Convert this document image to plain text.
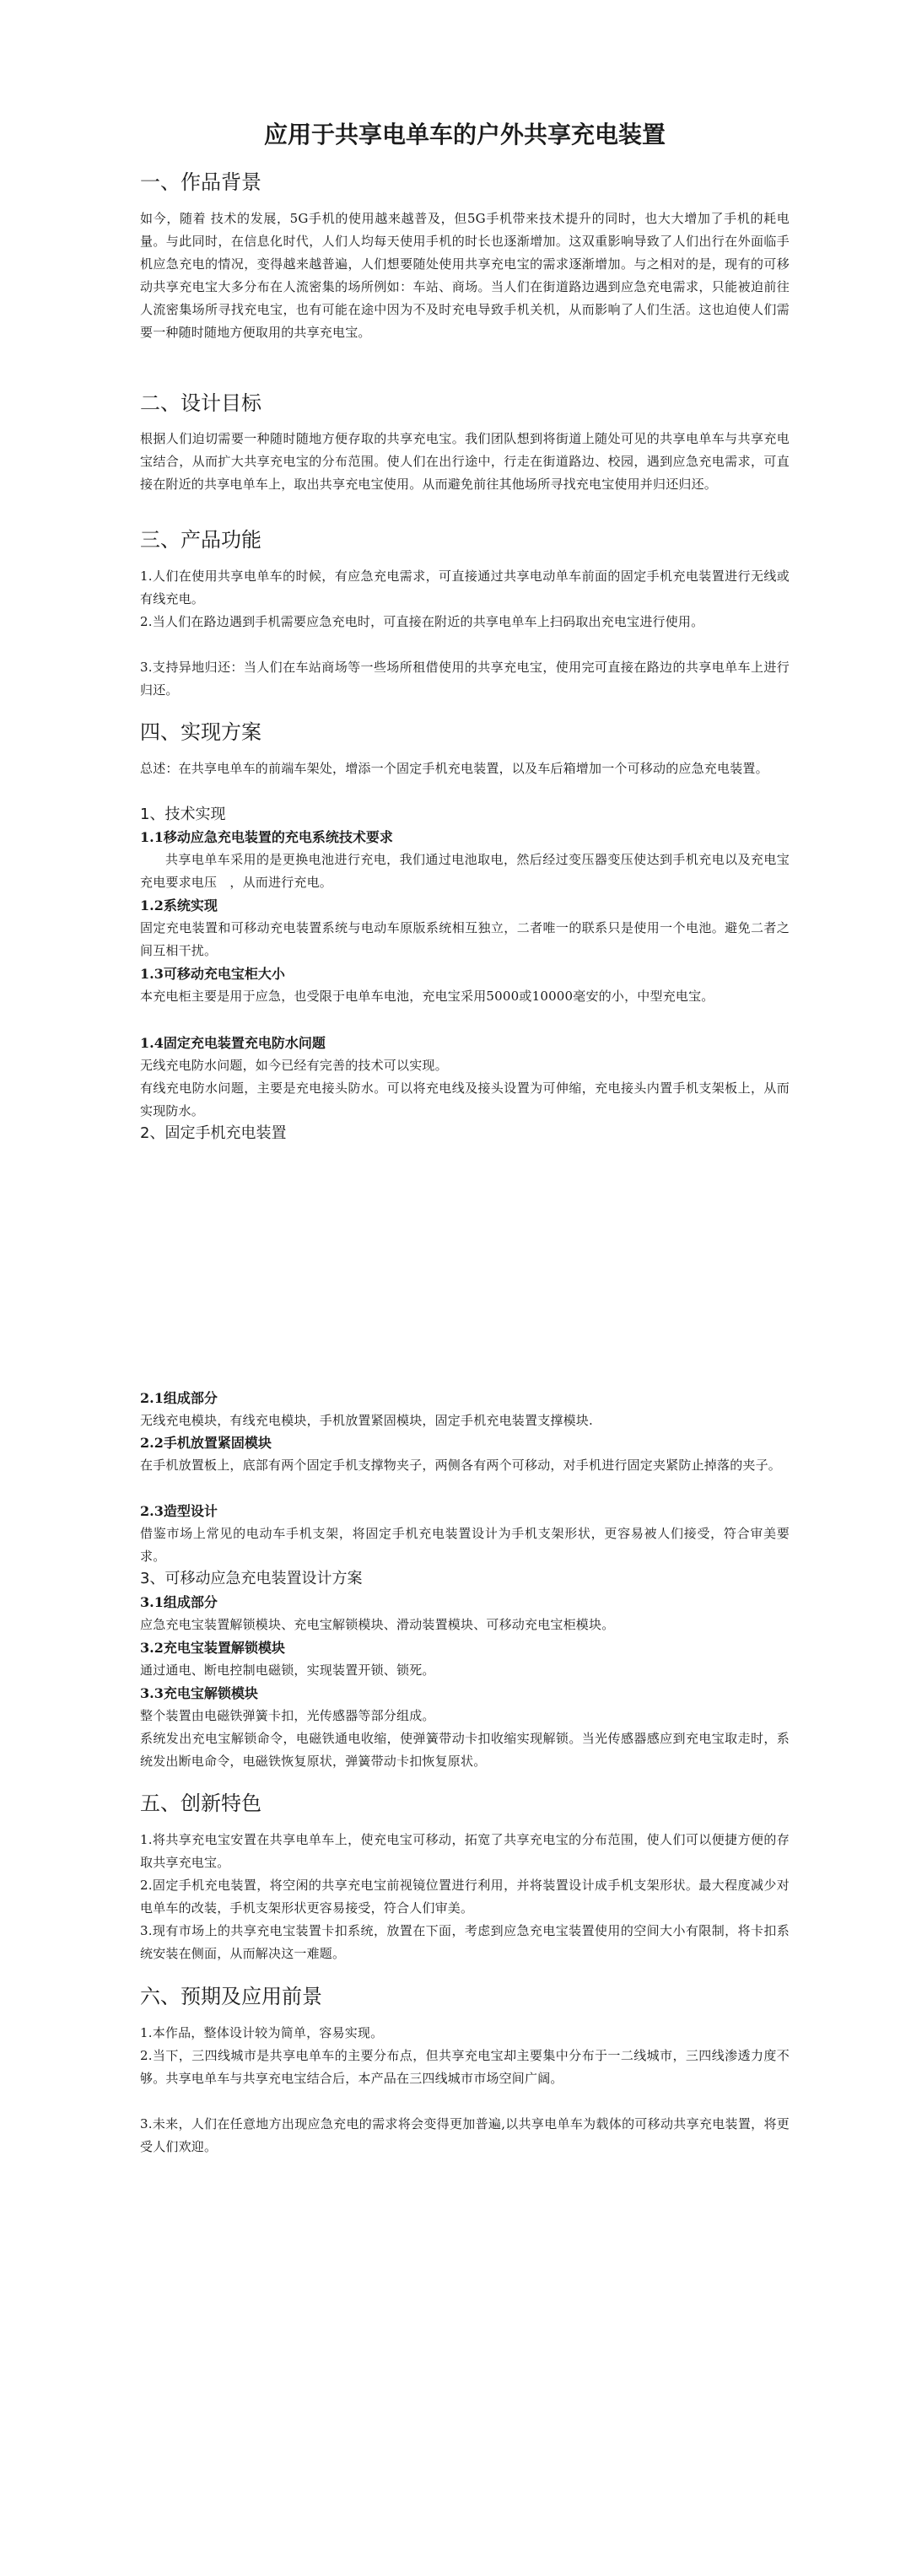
应用于共享电单车的户外共享充电装置
一、作品背景

如今，随着 技术的发展，5G手机的使用越来越普及，但5G手机带来技术提升的同时，也大大增加了手机的耗电量。与此同时，在信息化时代，人们人均每天使用手机的时长也逐渐增加。这双重影响导致了人们出行在外面临手机应急充电的情况，变得越来越普遍，人们想要随处使用共享充电宝的需求逐渐增加。与之相对的是，现有的可移动共享充电宝大多分布在人流密集的场所例如：车站、商场。当人们在街道路边遇到应急充电需求，只能被迫前往人流密集场所寻找充电宝，也有可能在途中因为不及时充电导致手机关机，从而影响了人们生活。这也迫使人们需要一种随时随地方便取用的共享充电宝。

二、设计目标

根据人们迫切需要一种随时随地方便存取的共享充电宝。我们团队想到将街道上随处可见的共享电单车与共享充电宝结合，从而扩大共享充电宝的分布范围。使人们在出行途中，行走在街道路边、校园，遇到应急充电需求，可直接在附近的共享电单车上，取出共享充电宝使用。从而避免前往其他场所寻找充电宝使用并归还归还。

三、产品功能

1.人们在使用共享电单车的时候，有应急充电需求，可直接通过共享电动单车前面的固定手机充电装置进行无线或有线充电。

2.当人们在路边遇到手机需要应急充电时，可直接在附近的共享电单车上扫码取出充电宝进行使用。

3.支持异地归还：当人们在车站商场等一些场所租借使用的共享充电宝，使用完可直接在路边的共享电单车上进行归还。

四、实现方案

总述：在共享电单车的前端车架处，增添一个固定手机充电装置，以及车后箱增加一个可移动的应急充电装置。

1、技术实现
1.1移动应急充电装置的充电系统技术要求

共享电单车采用的是更换电池进行充电，我们通过电池取电，然后经过变压器变压使达到手机充电以及充电宝充电要求电压　，从而进行充电。

1.2系统实现

固定充电装置和可移动充电装置系统与电动车原版系统相互独立，二者唯一的联系只是使用一个电池。避免二者之间互相干扰。

1.3可移动充电宝柜大小

本充电柜主要是用于应急，也受限于电单车电池，充电宝采用5000或10000毫安的小，中型充电宝。

1.4固定充电装置充电防水问题

无线充电防水问题，如今已经有完善的技术可以实现。

有线充电防水问题，主要是充电接头防水。可以将充电线及接头设置为可伸缩，充电接头内置手机支架板上，从而实现防水。

2、固定手机充电装置
2.1组成部分

无线充电模块，有线充电模块，手机放置紧固模块，固定手机充电装置支撑模块.

2.2手机放置紧固模块

在手机放置板上，底部有两个固定手机支撑物夹子，两侧各有两个可移动，对手机进行固定夹紧防止掉落的夹子。

2.3造型设计

借鉴市场上常见的电动车手机支架，将固定手机充电装置设计为手机支架形状，更容易被人们接受，符合审美要求。

3、可移动应急充电装置设计方案
3.1组成部分

应急充电宝装置解锁模块、充电宝解锁模块、滑动装置模块、可移动充电宝柜模块。

3.2充电宝装置解锁模块

通过通电、断电控制电磁锁，实现装置开锁、锁死。

3.3充电宝解锁模块

整个装置由电磁铁弹簧卡扣，光传感器等部分组成。

系统发出充电宝解锁命令，电磁铁通电收缩，使弹簧带动卡扣收缩实现解锁。当光传感器感应到充电宝取走时，系统发出断电命令，电磁铁恢复原状，弹簧带动卡扣恢复原状。

五、创新特色

1.将共享充电宝安置在共享电单车上，使充电宝可移动，拓宽了共享充电宝的分布范围，使人们可以便捷方便的存取共享充电宝。

2.固定手机充电装置，将空闲的共享充电宝前视镜位置进行利用，并将装置设计成手机支架形状。最大程度减少对电单车的改装，手机支架形状更容易接受，符合人们审美。

3.现有市场上的共享充电宝装置卡扣系统，放置在下面，考虑到应急充电宝装置使用的空间大小有限制，将卡扣系统安装在侧面，从而解决这一难题。

六、预期及应用前景

1.本作品，整体设计较为简单，容易实现。

2.当下，三四线城市是共享电单车的主要分布点，但共享充电宝却主要集中分布于一二线城市，三四线渗透力度不够。共享电单车与共享充电宝结合后，本产品在三四线城市市场空间广阔。

3.未来，人们在任意地方出现应急充电的需求将会变得更加普遍,以共享电单车为载体的可移动共享充电装置，将更受人们欢迎。
